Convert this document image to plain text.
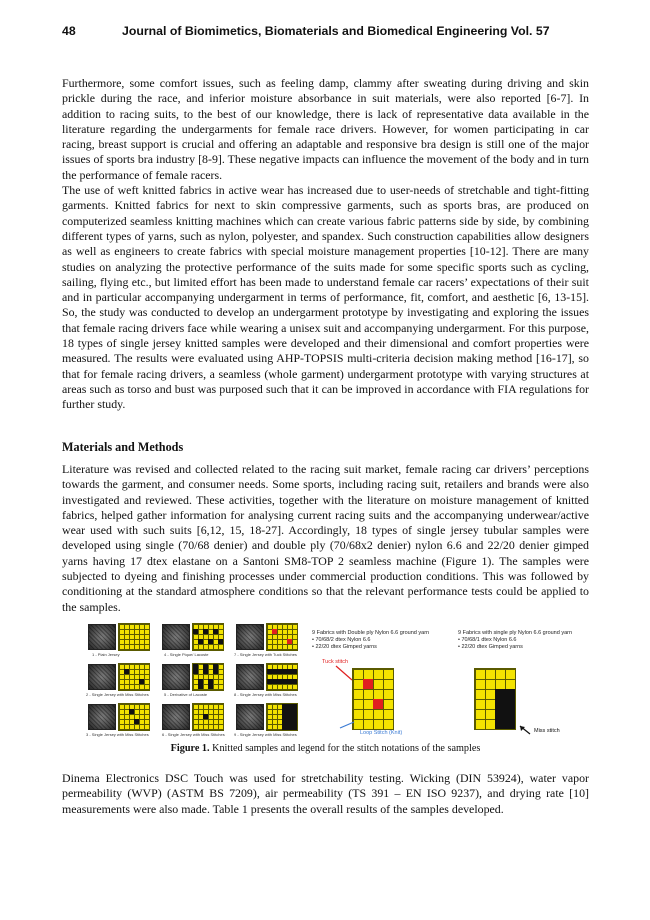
48	Journal of Biomimetics, Biomaterials and Biomedical Engineering Vol. 57

Furthermore, some comfort issues, such as feeling damp, clammy after sweating during driving and skin prickle during the race, and inferior moisture absorbance in suit materials, were also reported [6-7]. In addition to racing suits, to the best of our knowledge, there is lack of representative data available in the literature regarding the undergarments for female race drivers. However, for women participating in car racing, breast support is crucial and offering an adaptable and responsive bra design is still one of the major issues of sports bra industry [8-9]. These negative impacts can influence the movement of the body and in turn the performance of female racers.

The use of weft knitted fabrics in active wear has increased due to user-needs of stretchable and tight-fitting garments. Knitted fabrics for next to skin compressive garments, such as sports bras, are produced on computerized seamless knitting machines which can create various fabric patterns side by side, by combining different types of yarns, such as nylon, polyester, and spandex. Such construction capabilities allow designers as well as engineers to create fabrics with special moisture management properties [10-12]. There are many studies on analyzing the protective performance of the suits made for some specific sports such as cycling, sailing, flying etc., but limited effort has been made to understand female car racers’ expectations of their suit and in particular accompanying undergarment in terms of performance, fit, comfort, and aesthetic [6, 13-15]. So, the study was conducted to develop an undergarment prototype by investigating and exploring the issues that female racing drivers face while wearing a unisex suit and accompanying undergarment. For this purpose, 18 types of single jersey knitted samples were developed and their dimensional and comfort properties were measured. The results were evaluated using AHP-TOPSIS multi-criteria decision making method [16-17], so that for female racing drivers, a seamless (whole garment) undergarment prototype with varying structures at areas such as torso and bust was purposed such that it can be improved in accordance with FIA regulations for further study.

Materials and Methods

Literature was revised and collected related to the racing suit market, female racing car drivers’ perceptions towards the garment, and consumer needs. Some sports, including racing suit, retailers and brands were also investigated and reviewed. These activities, together with the literature on moisture management of knitted fabrics, helped gather information for analysing current racing suits and the accompanying underwear/active wear used with such suits [6,12, 15, 18-27]. Accordingly, 18 types of single jersey tubular samples were developed using single (70/68 denier) and double ply (70/68x2 denier) nylon 6.6 and 22/20 denier gimped yarns having 17 dtex elastane on a Santoni SM8-TOP 2 seamless machine (Figure 1). The samples were subjected to dyeing and finishing processes under commercial production conditions. This was followed by conditioning at the standard atmosphere conditions so that the relevant performance tests could be applied to the samples.

1 - Plain Jersey
2 - Single Jersey with Miss Stitches
3 - Single Jersey with Miss Stitches
4 - Single Pique/ Lacoste
5 - Derivative of Lacoste
6 - Single Jersey with Miss Stitches
7 - Single Jersey with Tuck Stitches
8 - Single Jersey with Miss Stitches
9 - Single Jersey with Miss Stitches
9 Fabrics with Double ply Nylon 6.6 ground yarn
• 70/68/2 dtex Nylon 6.6
• 22/20 dtex Gimped yarns
Tuck stitch
Loop Stitch (Knit)
9 Fabrics with single ply Nylon 6.6 ground yarn
• 70/68/1 dtex Nylon 6.6
• 22/20 dtex Gimped yarns
Miss stitch
Figure 1. Knitted samples and legend for the stitch notations of the samples

Dinema Electronics DSC Touch was used for stretchability testing. Wicking (DIN 53924), water vapor permeability (WVP) (ASTM BS 7209), air permeability (TS 391 – EN ISO 9237), and drying rate [10] measurements were also made. Table 1 presents the overall results of the samples developed.
